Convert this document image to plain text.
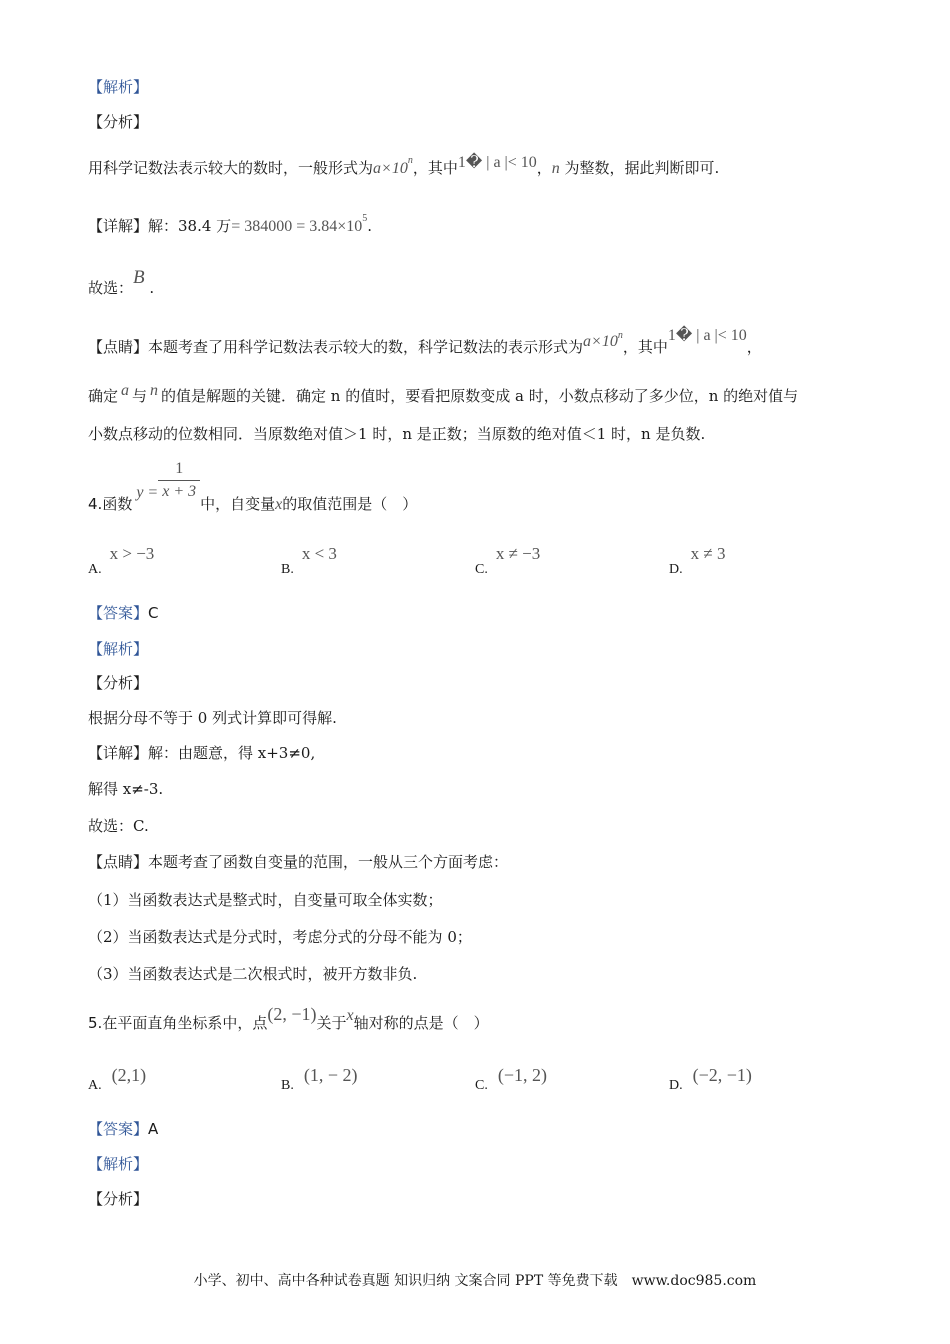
【解析】
【分析】
用科学记数法表示较大的数时，一般形式为$a\times 10^n$，其中1� | a |< 10，n 为整数，据此判断即可.
【详解】解：38.4 万= $384000 = 3.84\times 10^5$.
故选：B .
【点睛】本题考查了用科学记数法表示较大的数，科学记数法的表示形式为$a\times 10^n$，其中1� | a |< 10，
确定 a 与 n 的值是解题的关键．确定 n 的值时，要看把原数变成 a 时，小数点移动了多少位，n 的绝对值与
小数点移动的位数相同．当原数绝对值＞1 时，n 是正数；当原数的绝对值＜1 时，n 是负数.
4.函数$y = \frac{1}{x + 3}$
中，自变量x的取值范围是（　）
A.x > −3
B.x < 3
C.x ≠ −3
D.x ≠ 3
【答案】C
【解析】
【分析】
根据分母不等于 0 列式计算即可得解.
【详解】解：由题意，得 x+3≠0,
解得 x≠-3.
故选：C.
【点睛】本题考查了函数自变量的范围，一般从三个方面考虑：
（1）当函数表达式是整式时，自变量可取全体实数；
（2）当函数表达式是分式时，考虑分式的分母不能为 0；
（3）当函数表达式是二次根式时，被开方数非负.
5.在平面直角坐标系中，点(2, −1)关于x轴对称的点是（　）
A.(2,1)
B.(1, − 2)
C.(−1, 2)
D.(−2, −1)
【答案】A
【解析】
【分析】
小学、初中、高中各种试卷真题 知识归纳 文案合同 PPT 等免费下载　www.doc985.com
